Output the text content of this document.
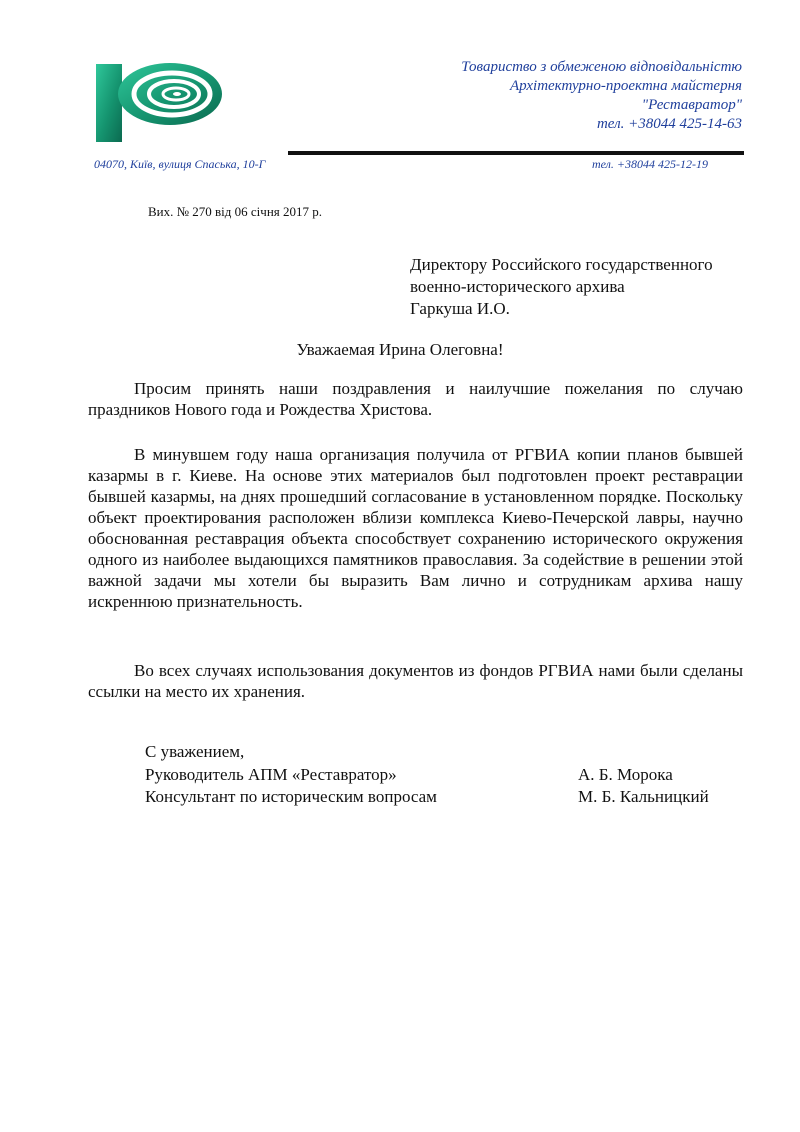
Товариство з обмеженою відповідальністю
Архітектурно-проектна майстерня
"Реставратор"
тел. +38044 425-14-63
04070, Київ, вулиця Спаська, 10-Г	тел. +38044 425-12-19
Вих. № 270 від 06 січня 2017 р.
Директору Российского государственного
военно-исторического архива
Гаркуша И.О.
Уважаемая Ирина Олеговна!

Просим принять наши поздравления и наилучшие пожелания по случаю праздников Нового года и Рождества Христова.

В минувшем году наша организация получила от РГВИА копии планов бывшей казармы в г. Киеве. На основе этих материалов был подготовлен проект реставрации бывшей казармы, на днях прошедший согласование в установленном порядке. Поскольку объект проектирования расположен вблизи комплекса Киево-Печерской лавры, научно обоснованная реставрация объекта способствует сохранению исторического окружения одного из наиболее выдающихся памятников православия. За содействие в решении этой важной задачи мы хотели бы выразить Вам лично и сотрудникам архива нашу искреннюю признательность.

Во всех случаях использования документов из фондов РГВИА нами были сделаны ссылки на место их хранения.

С уважением,
Руководитель АПМ «Реставратор»	А. Б. Морока
Консультант по историческим вопросам	М. Б. Кальницкий
